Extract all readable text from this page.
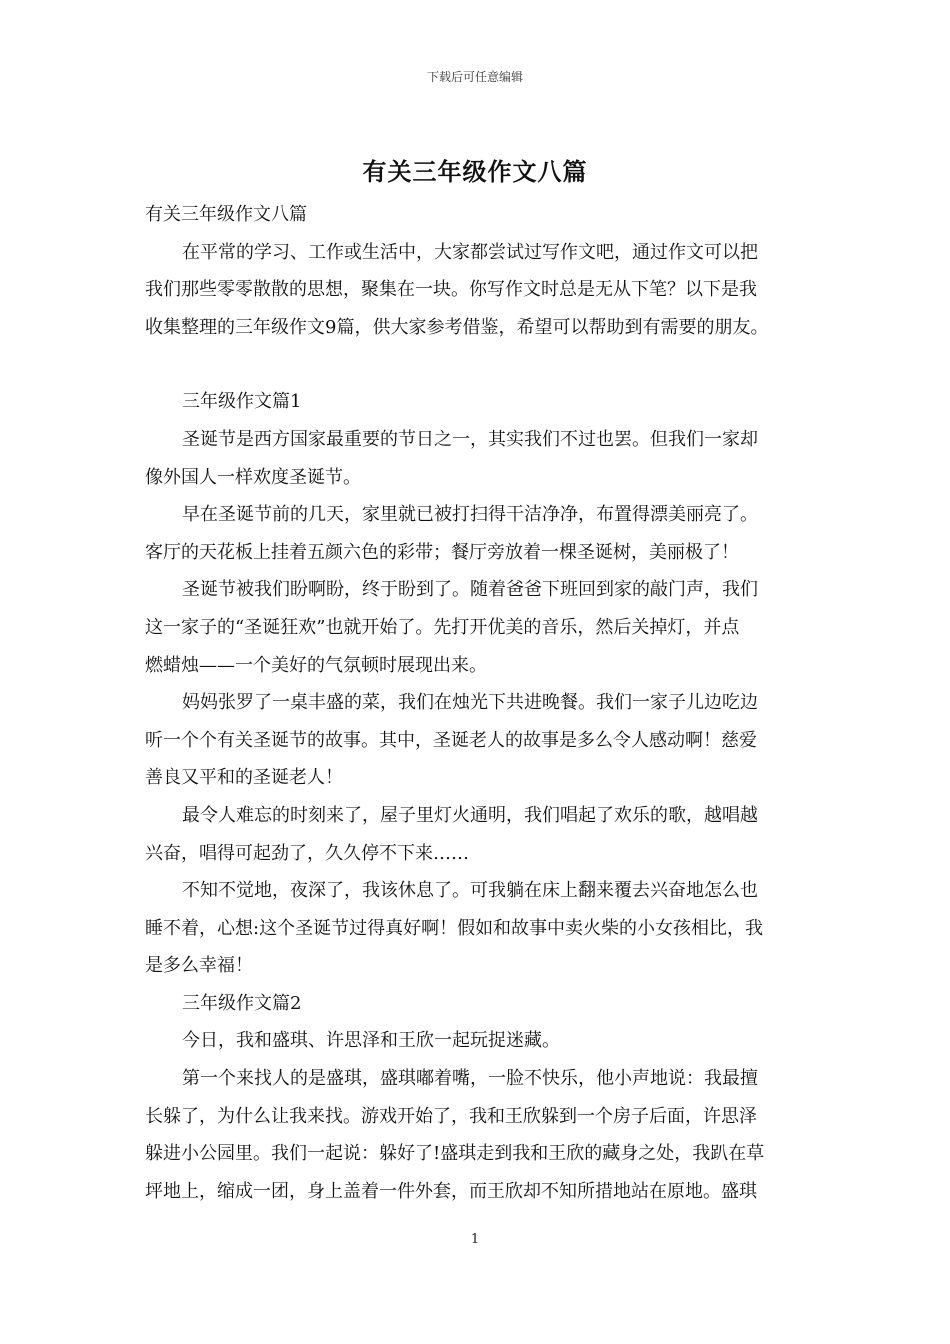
下载后可任意编辑
有关三年级作文八篇
有关三年级作文八篇
在平常的学习、工作或生活中，大家都尝试过写作文吧，通过作文可以把
我们那些零零散散的思想，聚集在一块。你写作文时总是无从下笔？以下是我
收集整理的三年级作文9篇，供大家参考借鉴，希望可以帮助到有需要的朋友。
三年级作文篇1
圣诞节是西方国家最重要的节日之一，其实我们不过也罢。但我们一家却
像外国人一样欢度圣诞节。
早在圣诞节前的几天，家里就已被打扫得干洁净净，布置得漂美丽亮了。
客厅的天花板上挂着五颜六色的彩带；餐厅旁放着一棵圣诞树，美丽极了！
圣诞节被我们盼啊盼，终于盼到了。随着爸爸下班回到家的敲门声，我们
这一家子的“圣诞狂欢”也就开始了。先打开优美的音乐，然后关掉灯，并点
燃蜡烛——一个美好的气氛顿时展现出来。
妈妈张罗了一桌丰盛的菜，我们在烛光下共进晚餐。我们一家子儿边吃边
听一个个有关圣诞节的故事。其中，圣诞老人的故事是多么令人感动啊！慈爱
善良又平和的圣诞老人！
最令人难忘的时刻来了，屋子里灯火通明，我们唱起了欢乐的歌，越唱越
兴奋，唱得可起劲了，久久停不下来……
不知不觉地，夜深了，我该休息了。可我躺在床上翻来覆去兴奋地怎么也
睡不着，心想:这个圣诞节过得真好啊！假如和故事中卖火柴的小女孩相比，我
是多么幸福！
三年级作文篇2
今日，我和盛琪、许思泽和王欣一起玩捉迷藏。
第一个来找人的是盛琪，盛琪嘟着嘴，一脸不快乐，他小声地说：我最擅
长躲了，为什么让我来找。游戏开始了，我和王欣躲到一个房子后面，许思泽
躲进小公园里。我们一起说：躲好了!盛琪走到我和王欣的藏身之处，我趴在草
坪地上，缩成一团，身上盖着一件外套，而王欣却不知所措地站在原地。盛琪
1
